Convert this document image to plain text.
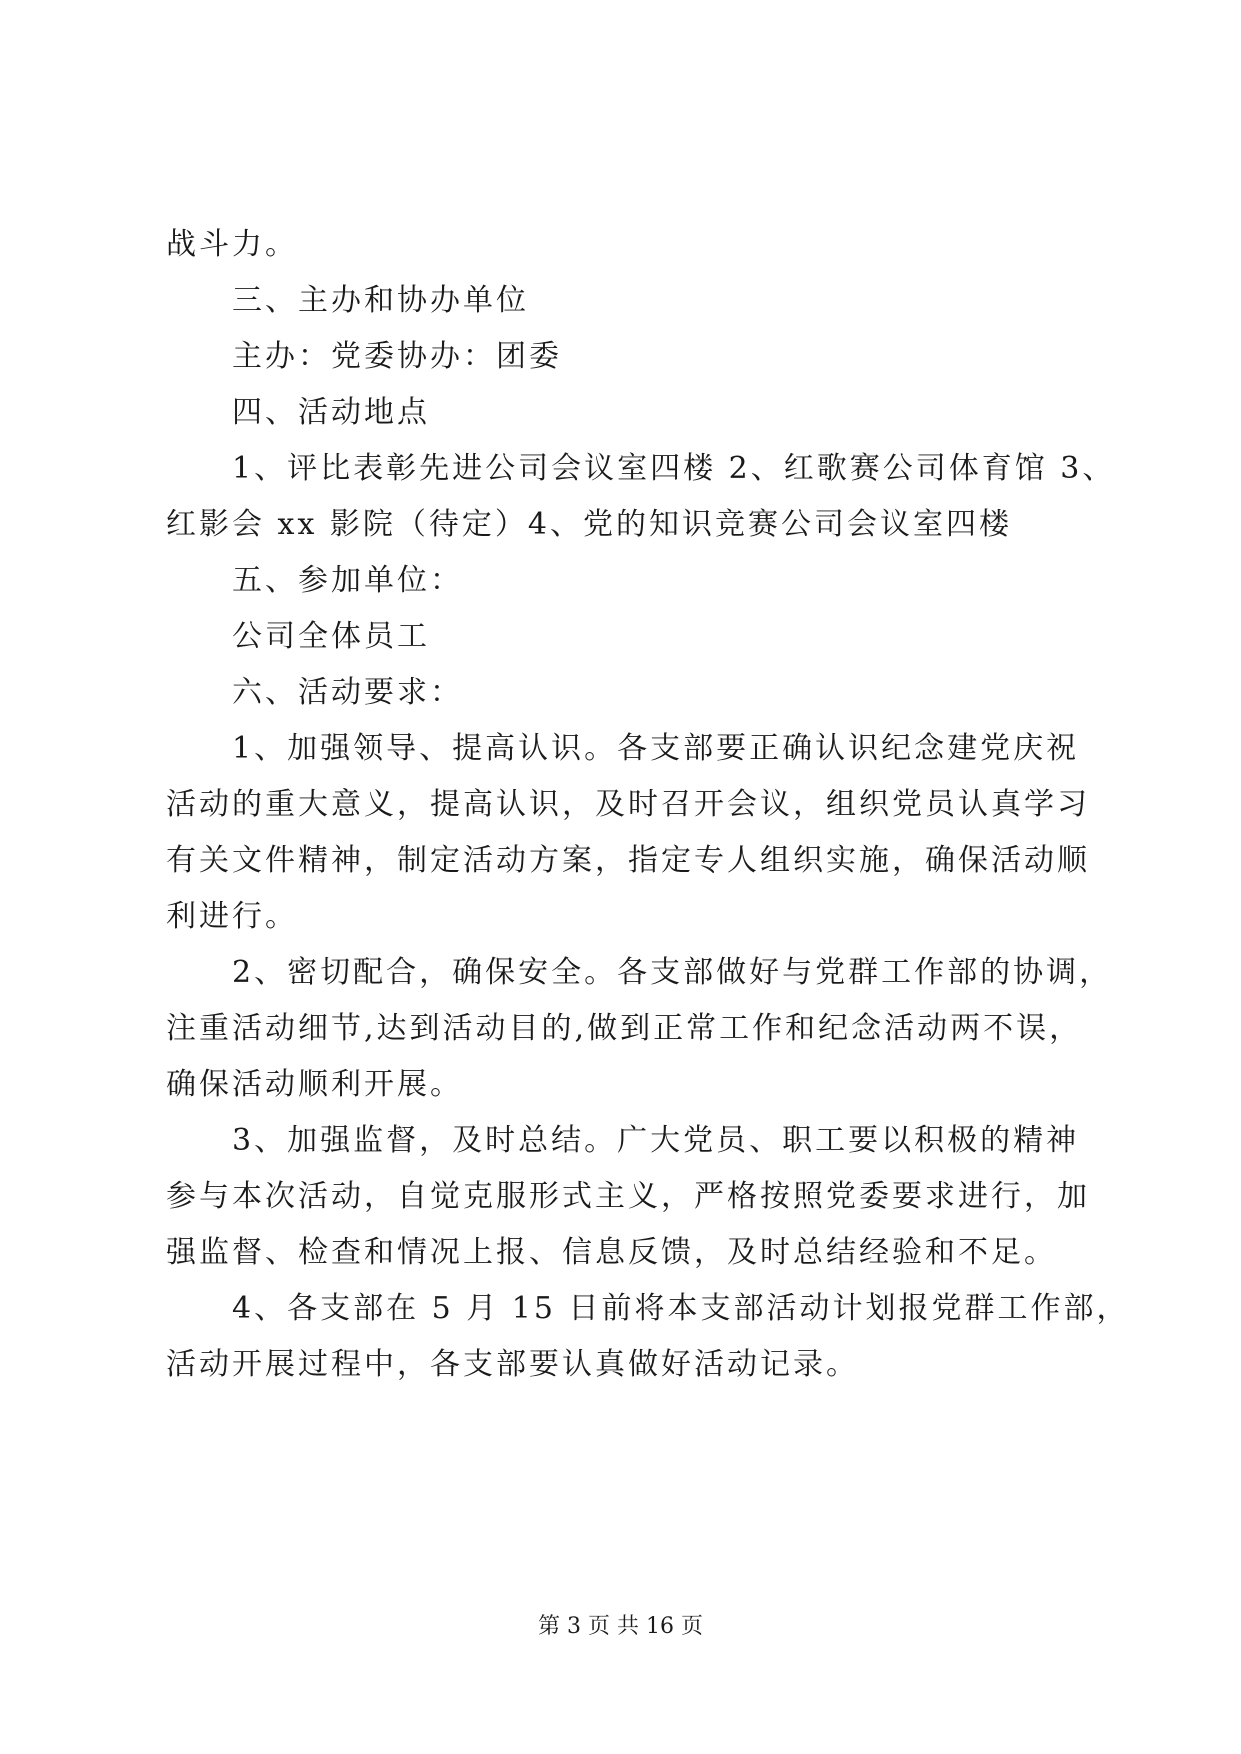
战斗力。
三、主办和协办单位
主办：党委协办：团委
四、活动地点
1、评比表彰先进公司会议室四楼 2、红歌赛公司体育馆 3、
红影会 xx 影院（待定）4、党的知识竞赛公司会议室四楼
五、参加单位：
公司全体员工
六、活动要求：
1、加强领导、提高认识。各支部要正确认识纪念建党庆祝
活动的重大意义，提高认识，及时召开会议，组织党员认真学习
有关文件精神，制定活动方案，指定专人组织实施，确保活动顺
利进行。
2、密切配合，确保安全。各支部做好与党群工作部的协调，
注重活动细节,达到活动目的,做到正常工作和纪念活动两不误，
确保活动顺利开展。
3、加强监督，及时总结。广大党员、职工要以积极的精神
参与本次活动，自觉克服形式主义，严格按照党委要求进行，加
强监督、检查和情况上报、信息反馈，及时总结经验和不足。
4、各支部在 5 月 15 日前将本支部活动计划报党群工作部，
活动开展过程中，各支部要认真做好活动记录。
第 3 页 共 16 页
